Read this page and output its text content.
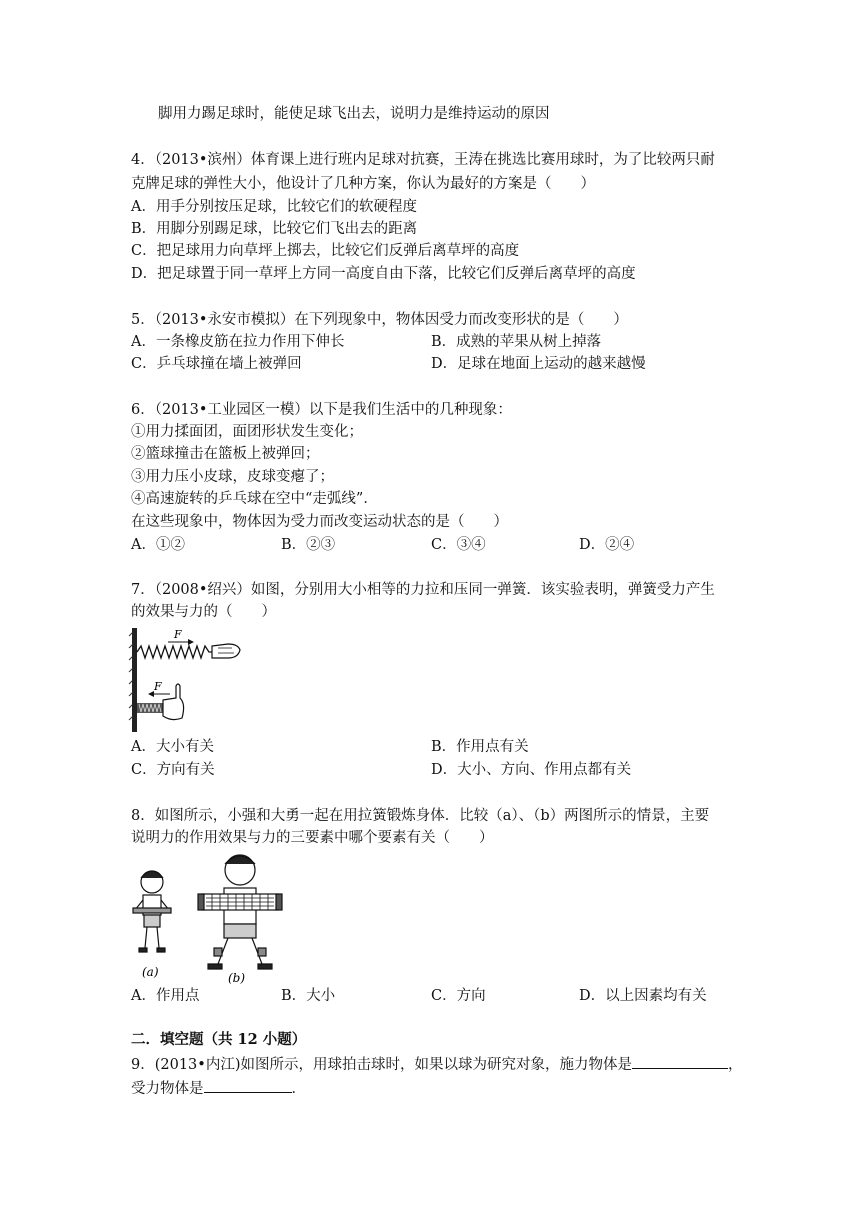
脚用力踢足球时，能使足球飞出去，说明力是维持运动的原因
4．（2013•滨州）体育课上进行班内足球对抗赛，王涛在挑选比赛用球时，为了比较两只耐
克牌足球的弹性大小，他设计了几种方案，你认为最好的方案是（　　）
A．用手分别按压足球，比较它们的软硬程度
B．用脚分别踢足球，比较它们飞出去的距离
C．把足球用力向草坪上掷去，比较它们反弹后离草坪的高度
D．把足球置于同一草坪上方同一高度自由下落，比较它们反弹后离草坪的高度
5．（2013•永安市模拟）在下列现象中，物体因受力而改变形状的是（　　）
A．一条橡皮筋在拉力作用下伸长	B．成熟的苹果从树上掉落
C．乒乓球撞在墙上被弹回	D．足球在地面上运动的越来越慢
6．（2013•工业园区一模）以下是我们生活中的几种现象：
①用力揉面团，面团形状发生变化；
②篮球撞击在篮板上被弹回；
③用力压小皮球，皮球变瘪了；
④高速旋转的乒乓球在空中“走弧线”．
在这些现象中，物体因为受力而改变运动状态的是（　　）
A．①②	B．②③	C．③④	D．②④
7．（2008•绍兴）如图，分别用大小相等的力拉和压同一弹簧．该实验表明，弹簧受力产生
的效果与力的（　　）
F
F
A．大小有关	B．作用点有关
C．方向有关	D．大小、方向、作用点都有关
8．如图所示，小强和大勇一起在用拉簧锻炼身体．比较（a）、（b）两图所示的情景，主要
说明力的作用效果与力的三要素中哪个要素有关（　　）
(a)	(b)
A．作用点	B．大小	C．方向	D．以上因素均有关
二．填空题（共 12 小题）
9．(2013•内江)如图所示，用球拍击球时，如果以球为研究对象，施力物体是	，
受力物体是	．
